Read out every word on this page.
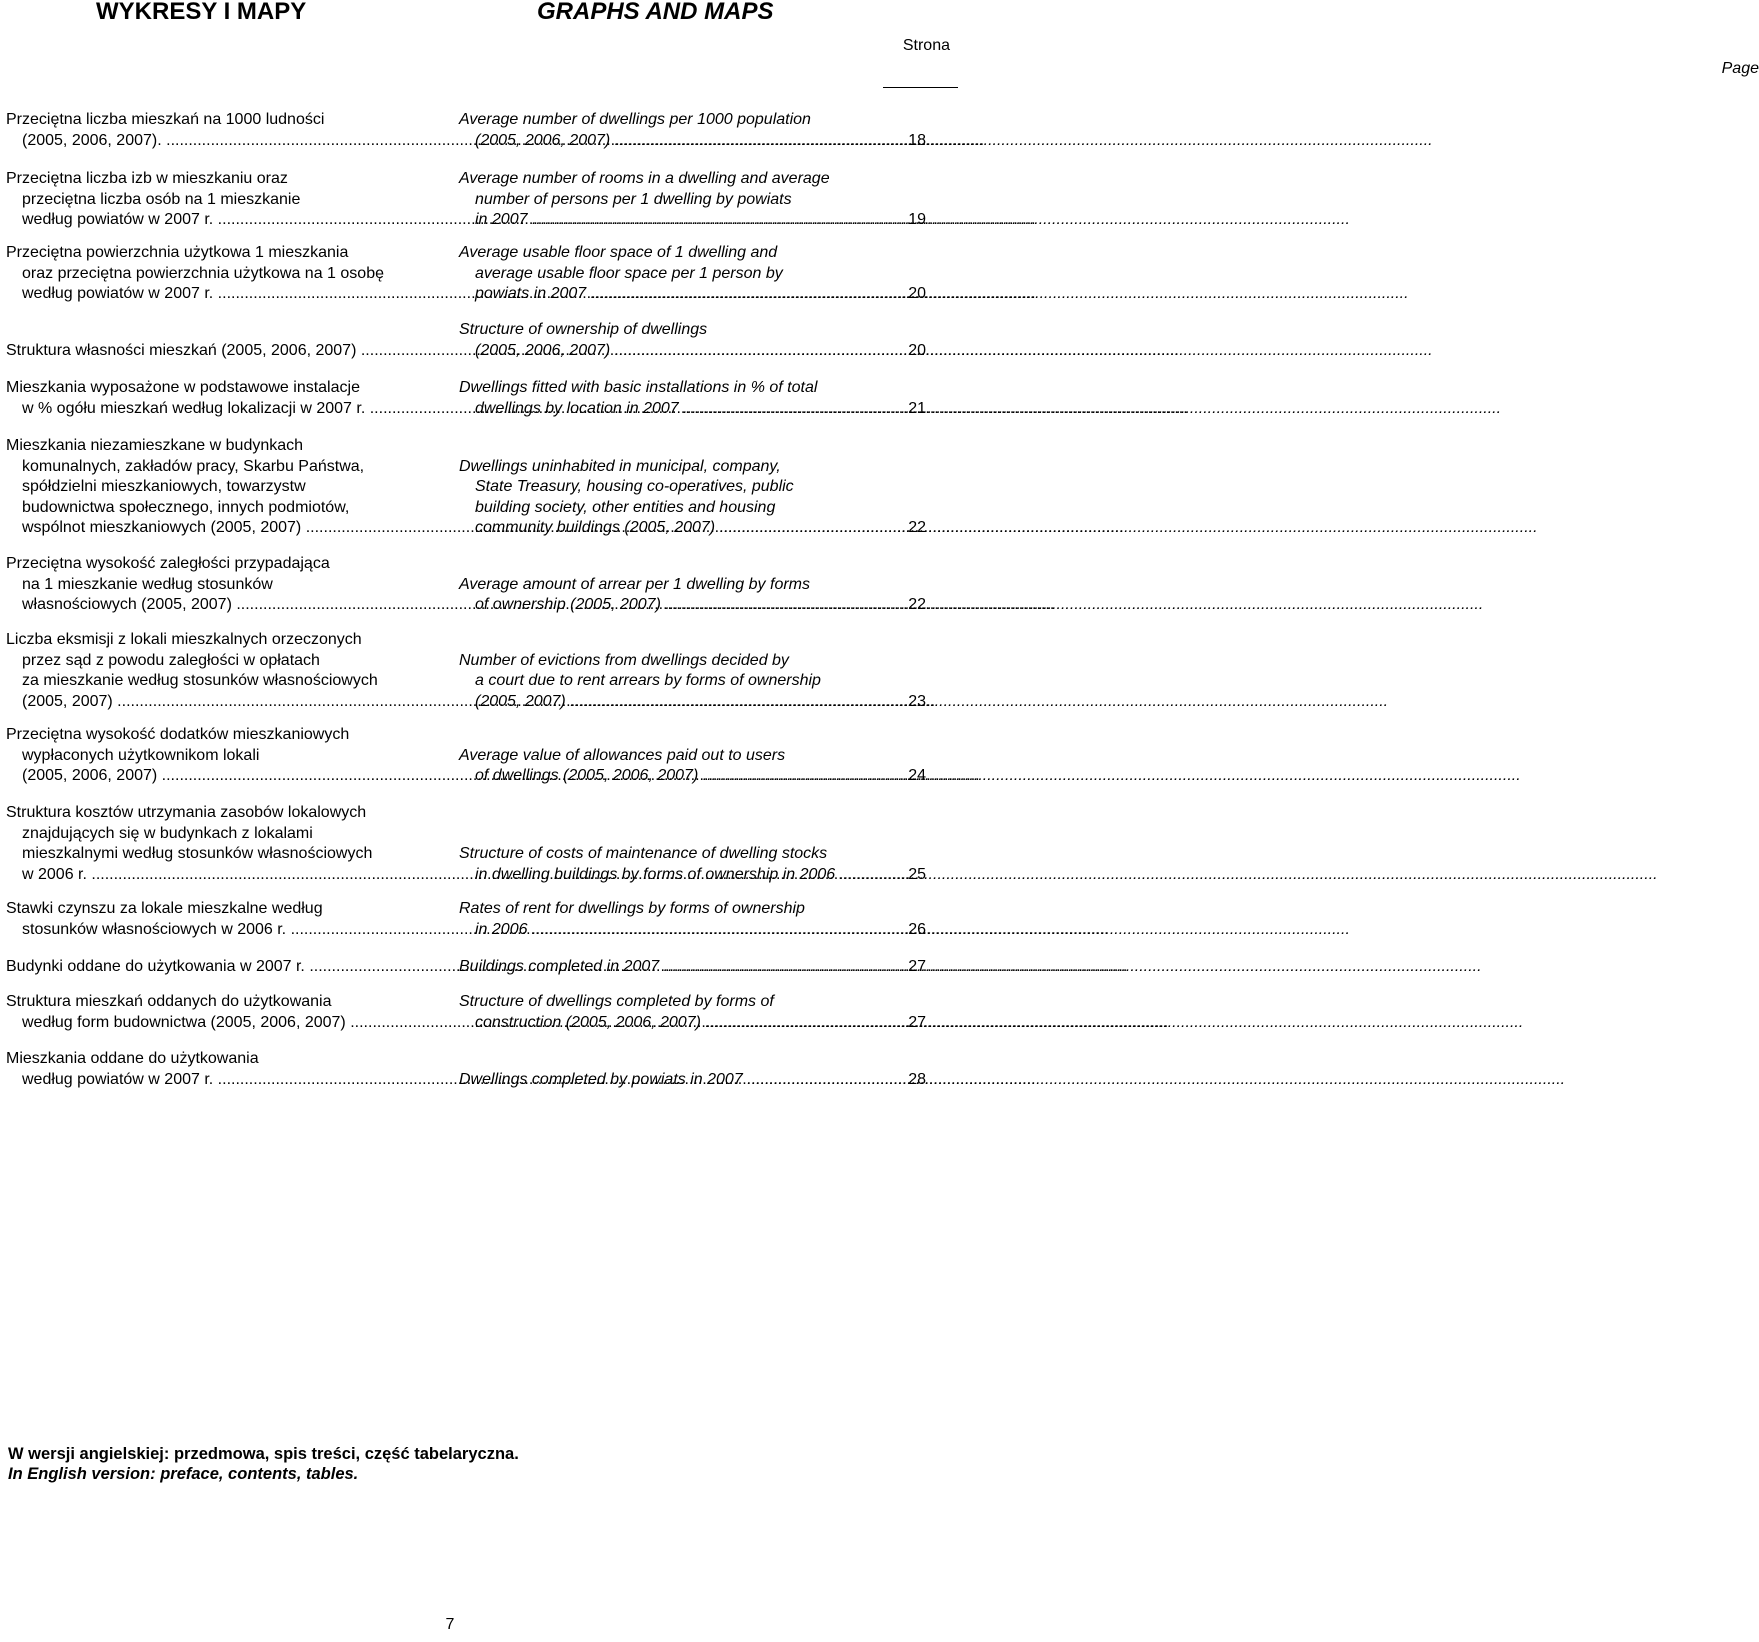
WYKRESY I MAPY	GRAPHS AND MAPS
Strona
Page
Przeciętna liczba mieszkań na 1000 ludności
(2005, 2006, 2007). .....
Average number of dwellings per 1000 population
(2005, 2006, 2007) .....	18
Przeciętna liczba izb w mieszkaniu oraz
przeciętna liczba osób na 1 mieszkanie
według powiatów w 2007 r. .....
Average number of rooms in a dwelling and average
number of persons per 1 dwelling by powiats
in 2007 .....	19
Przeciętna powierzchnia użytkowa 1 mieszkania
oraz przeciętna powierzchnia użytkowa na 1 osobę
według powiatów w 2007 r. .....
Average usable floor space of 1 dwelling and
average usable floor space per 1 person by
powiats in 2007 .....	20
Struktura własności mieszkań (2005, 2006, 2007) .....
Structure of ownership of dwellings
(2005, 2006, 2007) .....	20
Mieszkania wyposażone w podstawowe instalacje
w % ogółu mieszkań według lokalizacji w 2007 r. .....
Dwellings fitted with basic installations in % of total
dwellings by location in 2007 .....	21
Mieszkania niezamieszkane w budynkach
komunalnych, zakładów pracy, Skarbu Państwa,
spółdzielni mieszkaniowych, towarzystw
budownictwa społecznego, innych podmiotów,
wspólnot mieszkaniowych (2005, 2007) .....
Dwellings uninhabited in municipal, company,
State Treasury, housing co-operatives, public
building society, other entities and housing
community buildings (2005, 2007) .....	22
Przeciętna wysokość zaległości przypadająca
na 1 mieszkanie według stosunków
własnościowych (2005, 2007) .....
Average amount of arrear per 1 dwelling by forms
of ownership (2005, 2007) .....	22
Liczba eksmisji z lokali mieszkalnych orzeczonych
przez sąd z powodu zaległości w opłatach
za mieszkanie według stosunków własnościowych
(2005, 2007) .....
Number of evictions from dwellings decided by
a court due to rent arrears by forms of ownership
(2005, 2007) .....	23
Przeciętna wysokość dodatków mieszkaniowych
wypłaconych użytkownikom lokali
(2005, 2006, 2007) .....
Average value of allowances paid out to users
of dwellings (2005, 2006, 2007) .....	24
Struktura kosztów utrzymania zasobów lokalowych
znajdujących się w budynkach z lokalami
mieszkalnymi według stosunków własnościowych
w 2006 r. .....
Structure of costs of maintenance of dwelling stocks
in dwelling buildings by forms of ownership in 2006 .....	25
Stawki czynszu za lokale mieszkalne według
stosunków własnościowych w 2006 r. .....
Rates of rent for dwellings by forms of ownership
in 2006 .....	26
Budynki oddane do użytkowania w 2007 r. .....	Buildings completed in 2007 .....	27
Struktura mieszkań oddanych do użytkowania
według form budownictwa (2005, 2006, 2007) .....
Structure of dwellings completed by forms of
construction (2005, 2006, 2007) .....	27
Mieszkania oddane do użytkowania
według powiatów w 2007 r. .....	Dwellings completed by powiats in 2007 .....	28
W wersji angielskiej: przedmowa, spis treści, część tabelaryczna.
In English version: preface, contents, tables.
7
